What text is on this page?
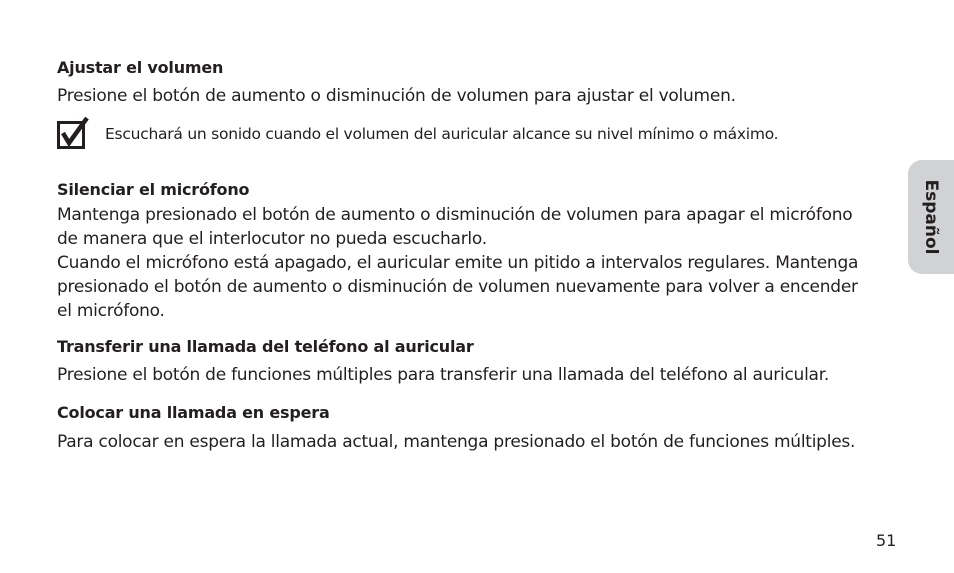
Ajustar el volumen
Presione el botón de aumento o disminución de volumen para ajustar el volumen.
Silenciar el micrófono
Mantenga presionado el botón de aumento o disminución de volumen para apagar el micrófono
de manera que el interlocutor no pueda escucharlo.
Cuando el micrófono está apagado, el auricular emite un pitido a intervalos regulares. Mantenga
presionado el botón de aumento o disminución de volumen nuevamente para volver a encender
el micrófono.
Transferir una llamada del teléfono al auricular
Presione el botón de funciones múltiples para transferir una llamada del teléfono al auricular.
Colocar una llamada en espera
Para colocar en espera la llamada actual, mantenga presionado el botón de funciones múltiples.
Escuchará un sonido cuando el volumen del auricular alcance su nivel mínimo o máximo.
Español
51
